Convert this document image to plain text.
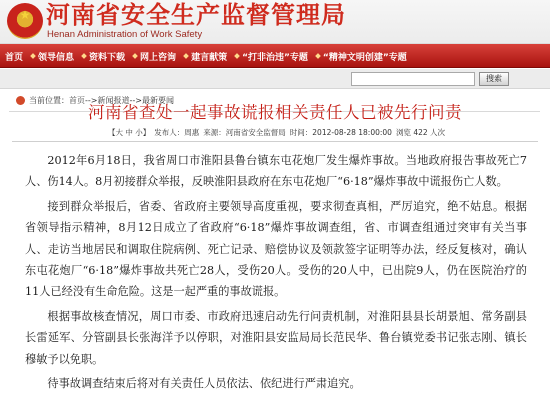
★ 河南省安全生产监督管理局
Henan Administration of Work Safety
首页	领导信息	资料下载	网上咨询	建言献策	“打非治违”专题	“精神文明创建”专题
搜索
当前位置：首页-->新闻报道-->最新要闻
河南省查处一起事故谎报相关责任人已被先行问责
【大 中 小】 发布人：周惠 来源：河南省安全监督局 时间：2012-08-28 18:00:00 浏览 422 人次

2012年6月18日，我省周口市淮阳县鲁台镇东屯花炮厂发生爆炸事故。当地政府报告事故死亡7人、伤14人。8月初接群众举报，反映淮阳县政府在东屯花炮厂“6·18”爆炸事故中谎报伤亡人数。

接到群众举报后，省委、省政府主要领导高度重视，要求彻查真相，严厉追究，绝不姑息。根据省领导指示精神，8月12日成立了省政府“6·18”爆炸事故调查组，省、市调查组通过突审有关当事人、走访当地居民和调取住院病例、死亡记录、赔偿协议及领款签字证明等办法，经反复核对，确认东屯花炮厂“6·18”爆炸事故共死亡28人，受伤20人。受伤的20人中，已出院9人，仍在医院治疗的11人已经没有生命危险。这是一起严重的事故谎报。

根据事故核查情况，周口市委、市政府迅速启动先行问责机制，对淮阳县县长胡景旭、常务副县长雷延军、分管副县长张海洋予以停职，对淮阳县安监局局长范民华、鲁台镇党委书记张志刚、镇长穆敏予以免职。

待事故调查结束后将对有关责任人员依法、依纪进行严肃追究。
